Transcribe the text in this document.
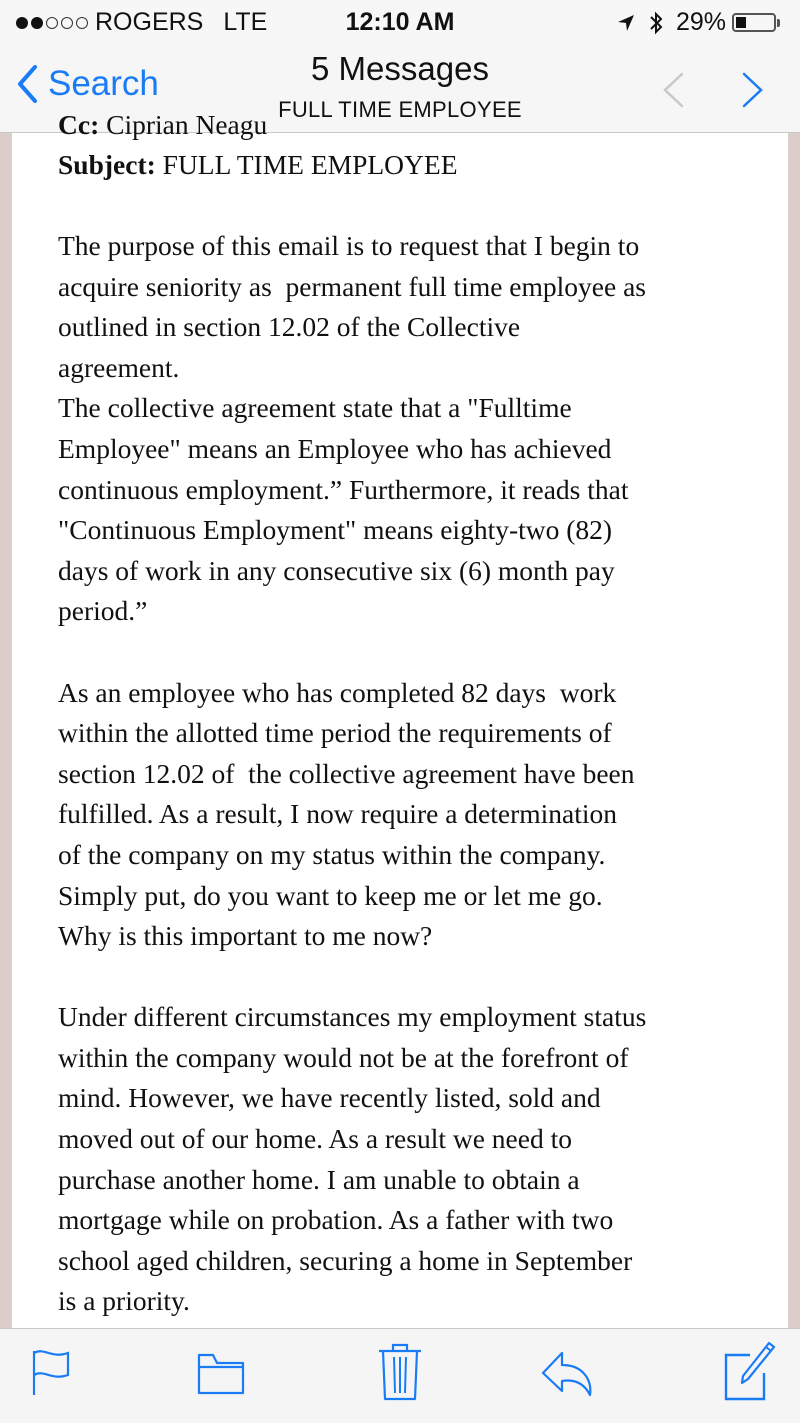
ROGERS LTE	12:10 AM	29%
Search	5 Messages
FULL TIME EMPLOYEE
Cc: Ciprian Neagu
Subject: FULL TIME EMPLOYEE
The purpose of this email is to request that I begin to
acquire seniority as  permanent full time employee as
outlined in section 12.02 of the Collective
agreement.
The collective agreement state that a "Fulltime
Employee" means an Employee who has achieved
continuous employment.” Furthermore, it reads that
"Continuous Employment" means eighty-two (82)
days of work in any consecutive six (6) month pay
period.”
As an employee who has completed 82 days  work
within the allotted time period the requirements of
section 12.02 of  the collective agreement have been
fulfilled. As a result, I now require a determination
of the company on my status within the company.
Simply put, do you want to keep me or let me go.
Why is this important to me now?
Under different circumstances my employment status
within the company would not be at the forefront of
mind. However, we have recently listed, sold and
moved out of our home. As a result we need to
purchase another home. I am unable to obtain a
mortgage while on probation. As a father with two
school aged children, securing a home in September
is a priority.
